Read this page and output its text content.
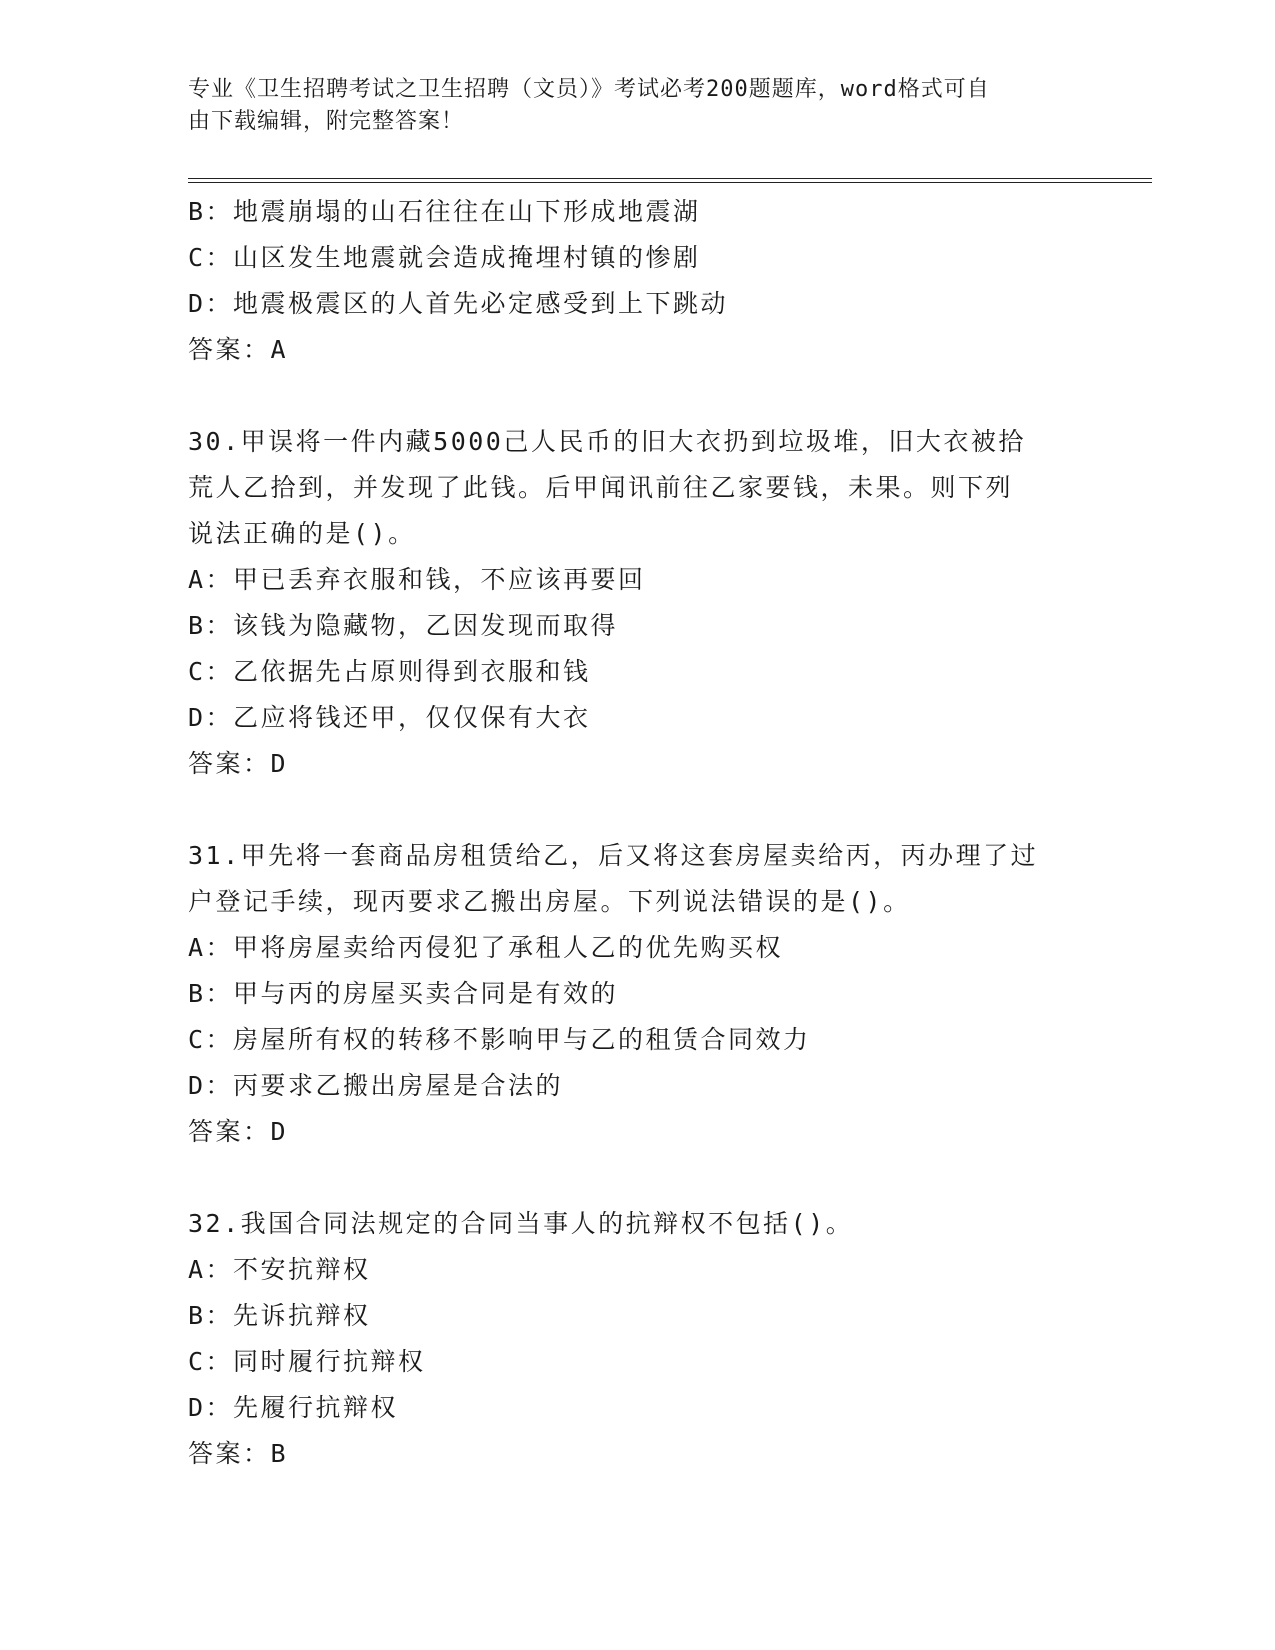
专业《卫生招聘考试之卫生招聘（文员）》考试必考200题题库，word格式可自
由下载编辑，附完整答案！
B：地震崩塌的山石往往在山下形成地震湖
C：山区发生地震就会造成掩埋村镇的惨剧
D：地震极震区的人首先必定感受到上下跳动
答案：A
30.甲误将一件内藏5000己人民币的旧大衣扔到垃圾堆，旧大衣被拾
荒人乙拾到，并发现了此钱。后甲闻讯前往乙家要钱，未果。则下列
说法正确的是()。
A：甲已丢弃衣服和钱，不应该再要回
B：该钱为隐藏物，乙因发现而取得
C：乙依据先占原则得到衣服和钱
D：乙应将钱还甲，仅仅保有大衣
答案：D
31.甲先将一套商品房租赁给乙，后又将这套房屋卖给丙，丙办理了过
户登记手续，现丙要求乙搬出房屋。下列说法错误的是()。
A：甲将房屋卖给丙侵犯了承租人乙的优先购买权
B：甲与丙的房屋买卖合同是有效的
C：房屋所有权的转移不影响甲与乙的租赁合同效力
D：丙要求乙搬出房屋是合法的
答案：D
32.我国合同法规定的合同当事人的抗辩权不包括()。
A：不安抗辩权
B：先诉抗辩权
C：同时履行抗辩权
D：先履行抗辩权
答案：B
